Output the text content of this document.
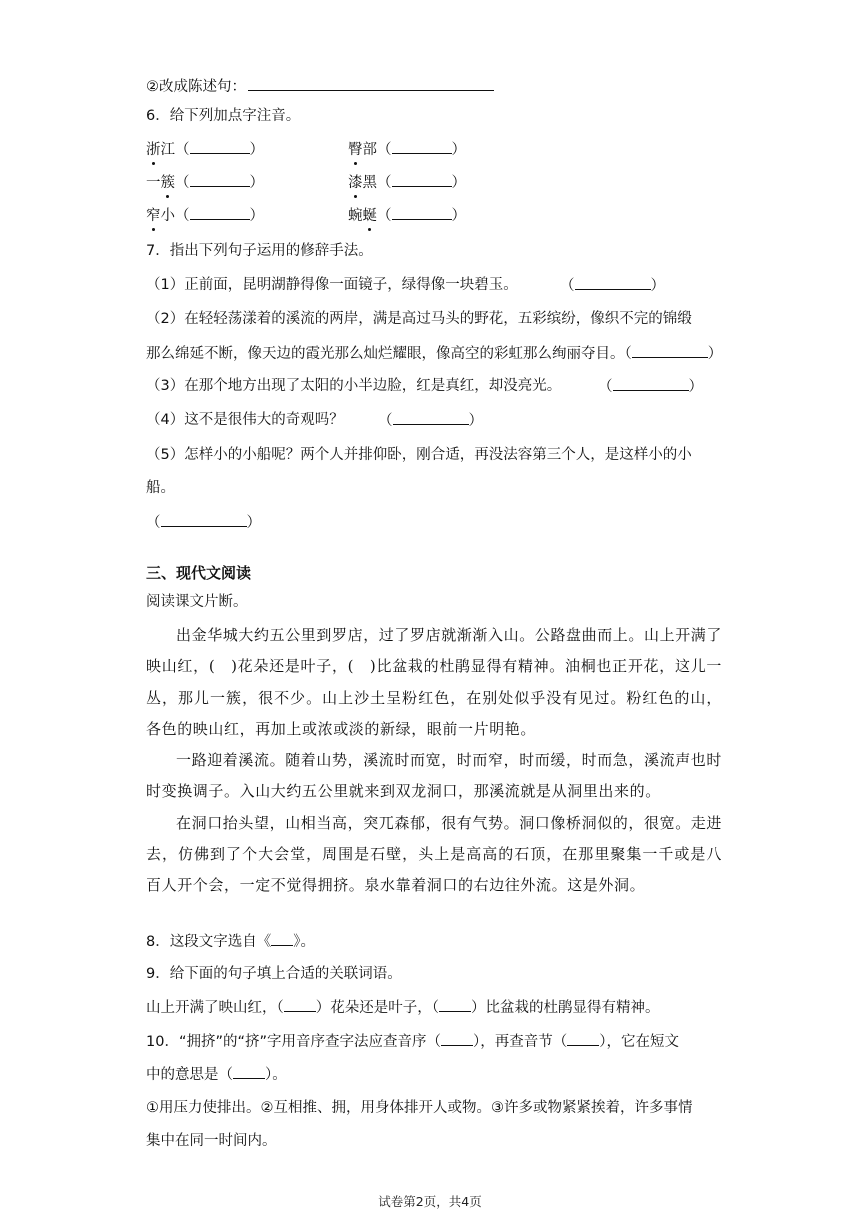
②改成陈述句：
6．给下列加点字注音。
浙江（	）	臀部（	）
一簇（	）	漆黑（	）
窄小（	）	蜿蜒（	）
7．指出下列句子运用的修辞手法。
（1）正前面，昆明湖静得像一面镜子，绿得像一块碧玉。	（	）
（2）在轻轻荡漾着的溪流的两岸，满是高过马头的野花，五彩缤纷，像织不完的锦缎
那么绵延不断，像天边的霞光那么灿烂耀眼，像高空的彩虹那么绚丽夺目。（	）
（3）在那个地方出现了太阳的小半边脸，红是真红，却没亮光。	（	）
（4）这不是很伟大的奇观吗？ （	）
（5）怎样小的小船呢？两个人并排仰卧，刚合适，再没法容第三个人，是这样小的小
船。
（	）
三、现代文阅读
阅读课文片断。

出金华城大约五公里到罗店，过了罗店就渐渐入山。公路盘曲而上。山上开满了映山红，(　)花朵还是叶子，(　)比盆栽的杜鹃显得有精神。油桐也正开花，这儿一丛，那儿一簇，很不少。山上沙土呈粉红色，在别处似乎没有见过。粉红色的山，各色的映山红，再加上或浓或淡的新绿，眼前一片明艳。

一路迎着溪流。随着山势，溪流时而宽，时而窄，时而缓，时而急，溪流声也时时变换调子。入山大约五公里就来到双龙洞口，那溪流就是从洞里出来的。

在洞口抬头望，山相当高，突兀森郁，很有气势。洞口像桥洞似的，很宽。走进去，仿佛到了个大会堂，周围是石壁，头上是高高的石顶，在那里聚集一千或是八百人开个会，一定不觉得拥挤。泉水靠着洞口的右边往外流。这是外洞。

8．这段文字选自《 》。
9．给下面的句子填上合适的关联词语。
山上开满了映山红，（ ）花朵还是叶子，（ ）比盆栽的杜鹃显得有精神。
10．“拥挤”的“挤”字用音序查字法应查音序（ ），再查音节（ ），它在短文
中的意思是（ ）。
①用压力使排出。②互相推、拥，用身体排开人或物。③许多或物紧紧挨着，许多事情
集中在同一时间内。
试卷第2页，共4页
